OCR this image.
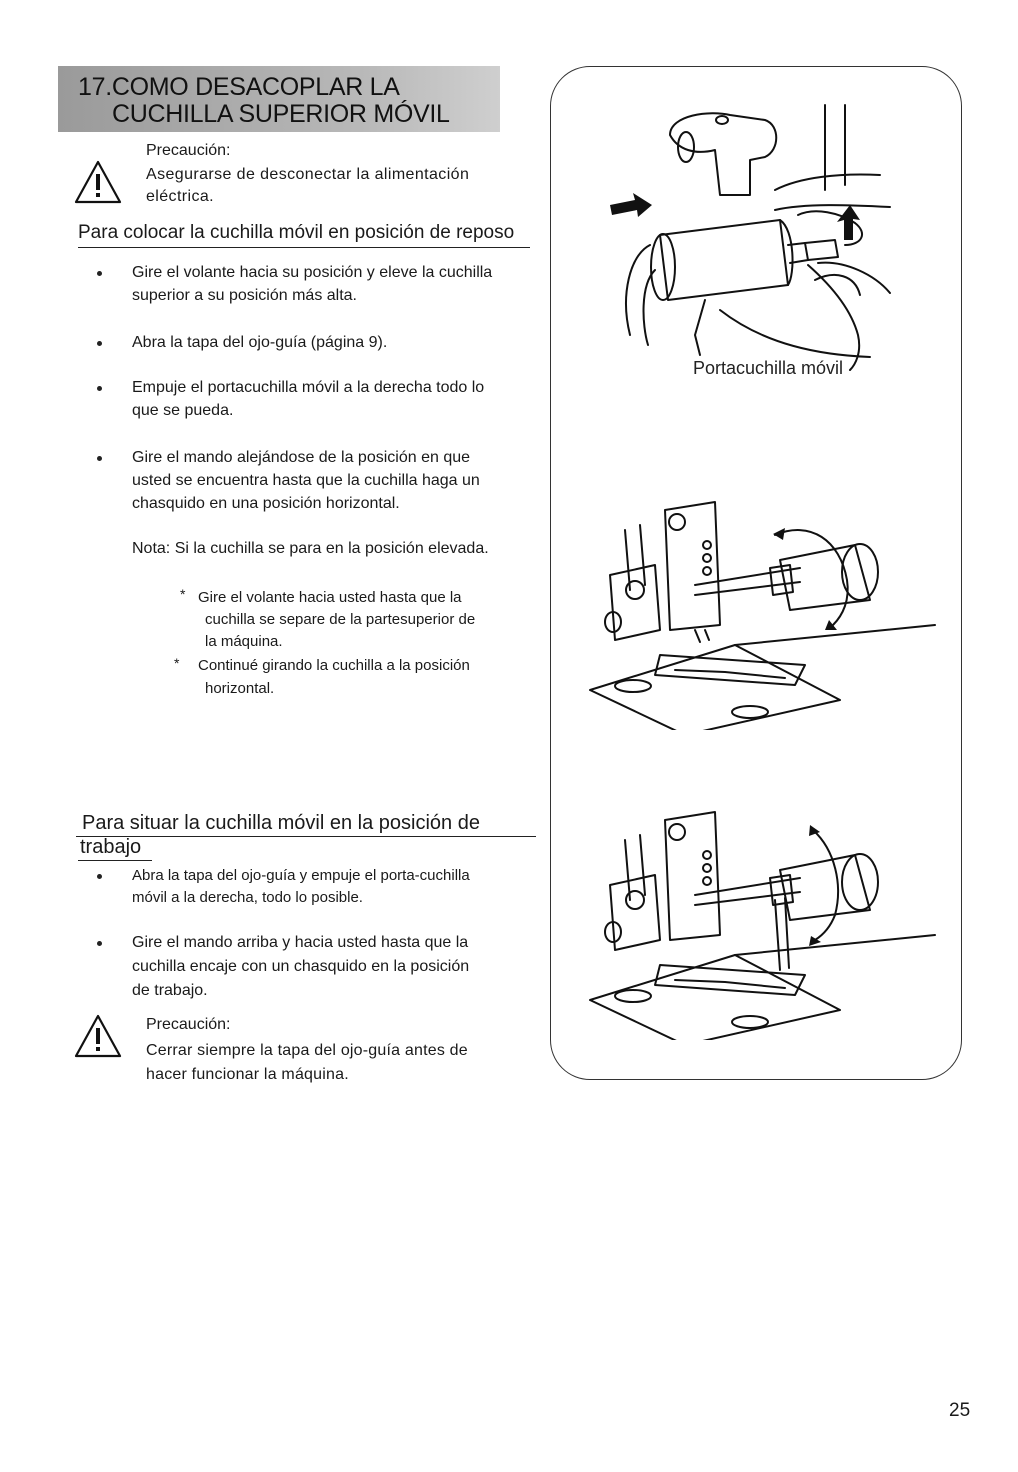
17.COMO DESACOPLAR LA
CUCHILLA SUPERIOR MÓVIL
Precaución:
Asegurarse de desconectar la alimentación
eléctrica.
Para colocar la cuchilla móvil en posición de reposo
Gire el volante hacia su posición y eleve la cuchilla
superior a su posición más alta.
Abra la tapa del ojo-guía (página 9).
Empuje el portacuchilla móvil a la derecha todo lo
que se pueda.
Gire el mando alejándose de la posición en que
usted se encuentra hasta que la cuchilla haga un
chasquido en una posición horizontal.
Nota: Si la cuchilla se para en la posición elevada.
* Gire el volante hacia usted hasta que la
cuchilla se separe de la partesuperior de
la máquina.
* Continué girando la cuchilla a la posición
horizontal.
Para situar la cuchilla móvil en la posición de
trabajo
Abra la tapa del ojo-guía y empuje el porta-cuchilla
móvil a la derecha, todo lo posible.
Gire el mando arriba y hacia usted hasta que la
cuchilla encaje con un chasquido en la posición
de trabajo.
Precaución:
Cerrar siempre la tapa del ojo-guía antes de
hacer funcionar la máquina.
Portacuchilla móvil
25
